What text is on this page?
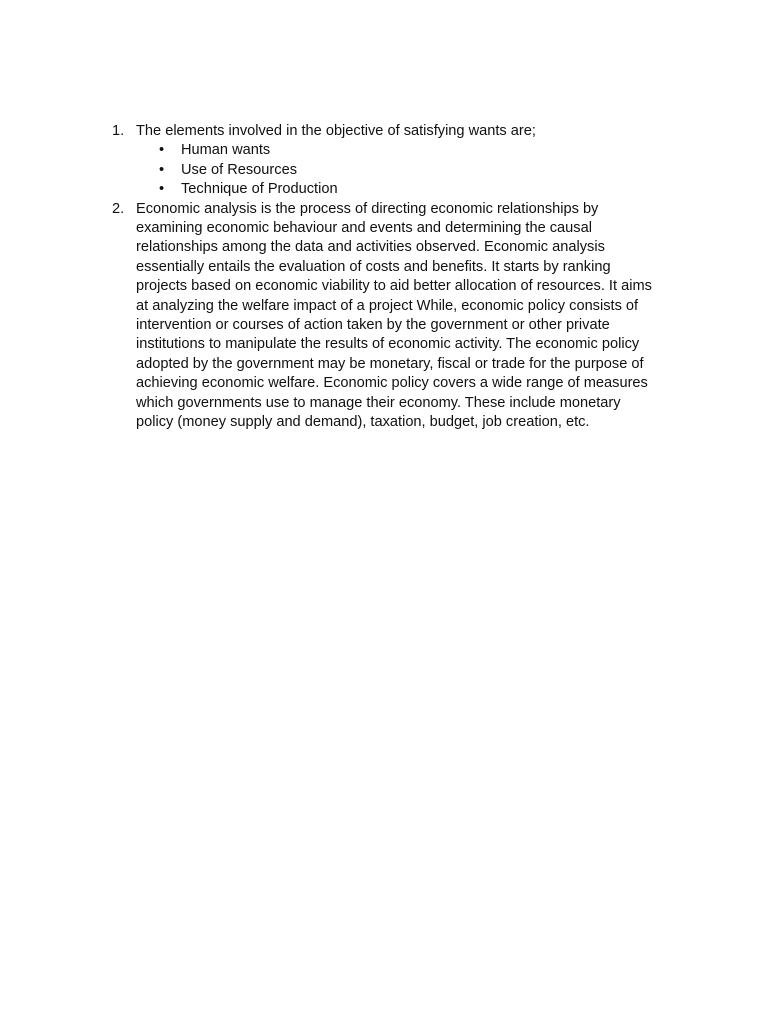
1. The elements involved in the objective of satisfying wants are;
• Human wants
• Use of Resources
• Technique of Production
2. Economic analysis is the process of directing economic relationships by
examining economic behaviour and events and determining the causal
relationships among the data and activities observed. Economic analysis
essentially entails the evaluation of costs and benefits. It starts by ranking
projects based on economic viability to aid better allocation of resources. It aims
at analyzing the welfare impact of a project While, economic policy consists of
intervention or courses of action taken by the government or other private
institutions to manipulate the results of economic activity. The economic policy
adopted by the government may be monetary, fiscal or trade for the purpose of
achieving economic welfare. Economic policy covers a wide range of measures
which governments use to manage their economy. These include monetary
policy (money supply and demand), taxation, budget, job creation, etc.
